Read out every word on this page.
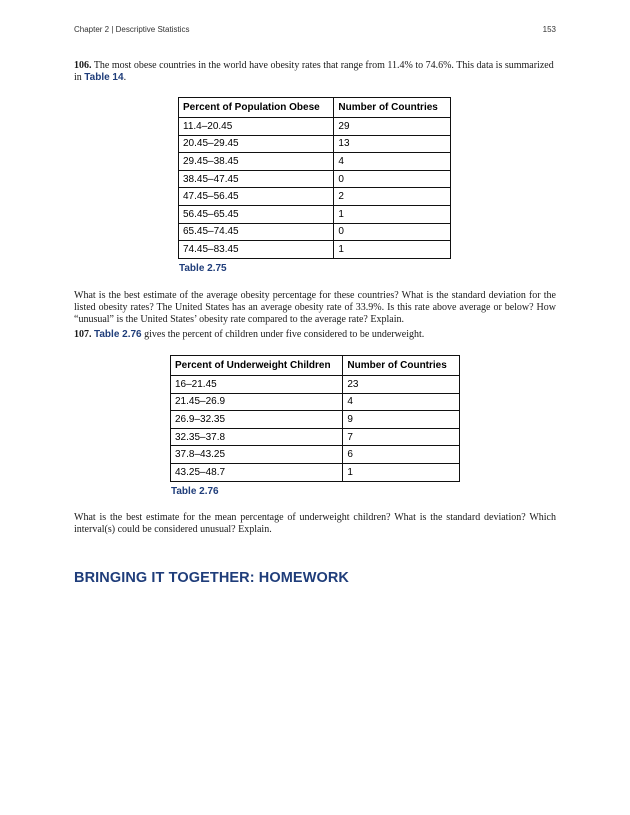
Chapter 2 | Descriptive Statistics	153

106. The most obese countries in the world have obesity rates that range from 11.4% to 74.6%. This data is summarized in Table 14.

Percent of Population Obese	Number of Countries
11.4–20.45	29
20.45–29.45	13
29.45–38.45	4
38.45–47.45	0
47.45–56.45	2
56.45–65.45	1
65.45–74.45	0
74.45–83.45	1
Table 2.75

What is the best estimate of the average obesity percentage for these countries? What is the standard deviation for the listed obesity rates? The United States has an average obesity rate of 33.9%. Is this rate above average or below? How “unusual” is the United States’ obesity rate compared to the average rate? Explain.

107. Table 2.76 gives the percent of children under five considered to be underweight.

Percent of Underweight Children	Number of Countries
16–21.45	23
21.45–26.9	4
26.9–32.35	9
32.35–37.8	7
37.8–43.25	6
43.25–48.7	1
Table 2.76

What is the best estimate for the mean percentage of underweight children? What is the standard deviation? Which interval(s) could be considered unusual? Explain.

BRINGING IT TOGETHER: HOMEWORK
